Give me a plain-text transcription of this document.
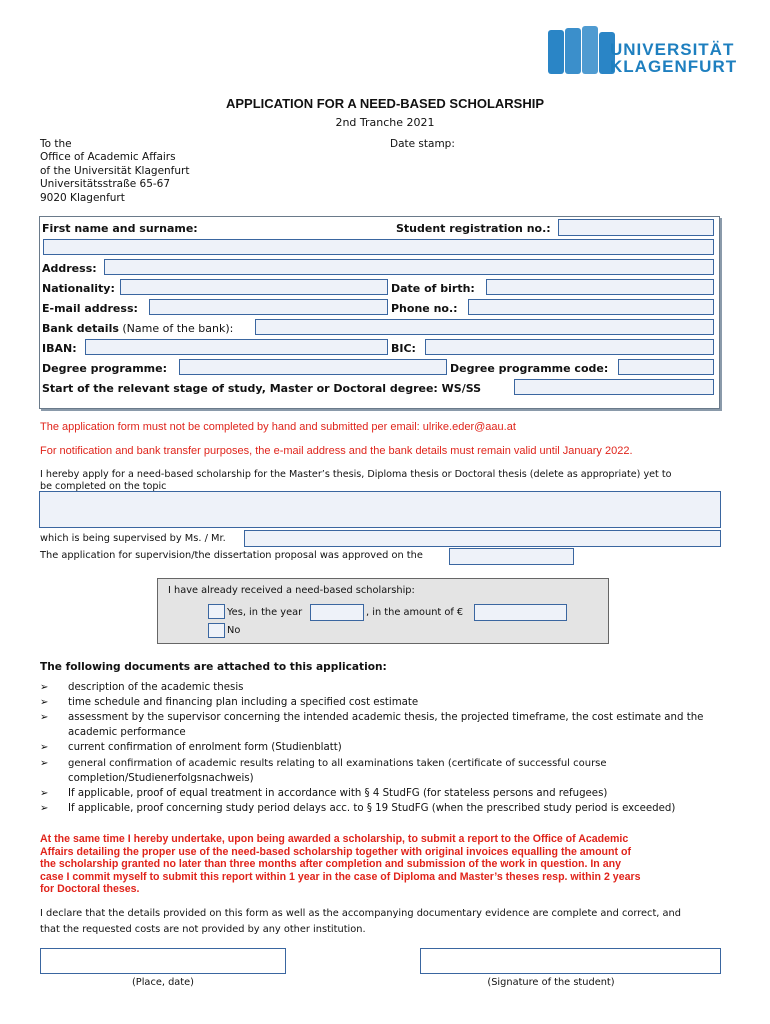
UNIVERSITÄT
KLAGENFURT
APPLICATION FOR A NEED-BASED SCHOLARSHIP
2nd Tranche 2021
To the
Office of Academic Affairs
of the Universität Klagenfurt
Universitätsstraße 65-67
9020 Klagenfurt
Date stamp:
First name and surname:	Student registration no.:
Address:
Nationality:	Date of birth:
E-mail address:	Phone no.:
Bank details (Name of the bank):
IBAN:	BIC:
Degree programme:	Degree programme code:
Start of the relevant stage of study, Master or Doctoral degree: WS/SS
The application form must not be completed by hand and submitted per email: ulrike.eder@aau.at
For notification and bank transfer purposes, the e-mail address and the bank details must remain valid until January 2022.
I hereby apply for a need-based scholarship for the Master’s thesis, Diploma thesis or Doctoral thesis (delete as appropriate) yet to
be completed on the topic
which is being supervised by Ms. / Mr.
The application for supervision/the dissertation proposal was approved on the
I have already received a need-based scholarship:
Yes, in the year	, in the amount of €
No
The following documents are attached to this application:
➢ description of the academic thesis
➢ time schedule and financing plan including a specified cost estimate
➢ assessment by the supervisor concerning the intended academic thesis, the projected timeframe, the cost estimate and the
academic performance
➢ current confirmation of enrolment form (Studienblatt)
➢ general confirmation of academic results relating to all examinations taken (certificate of successful course
completion/Studienerfolgsnachweis)
➢ If applicable, proof of equal treatment in accordance with § 4 StudFG (for stateless persons and refugees)
➢ If applicable, proof concerning study period delays acc. to § 19 StudFG (when the prescribed study period is exceeded)
At the same time I hereby undertake, upon being awarded a scholarship, to submit a report to the Office of Academic
Affairs detailing the proper use of the need-based scholarship together with original invoices equalling the amount of
the scholarship granted no later than three months after completion and submission of the work in question. In any
case I commit myself to submit this report within 1 year in the case of Diploma and Master’s theses resp. within 2 years
for Doctoral theses.
I declare that the details provided on this form as well as the accompanying documentary evidence are complete and correct, and
that the requested costs are not provided by any other institution.
(Place, date)	(Signature of the student)
